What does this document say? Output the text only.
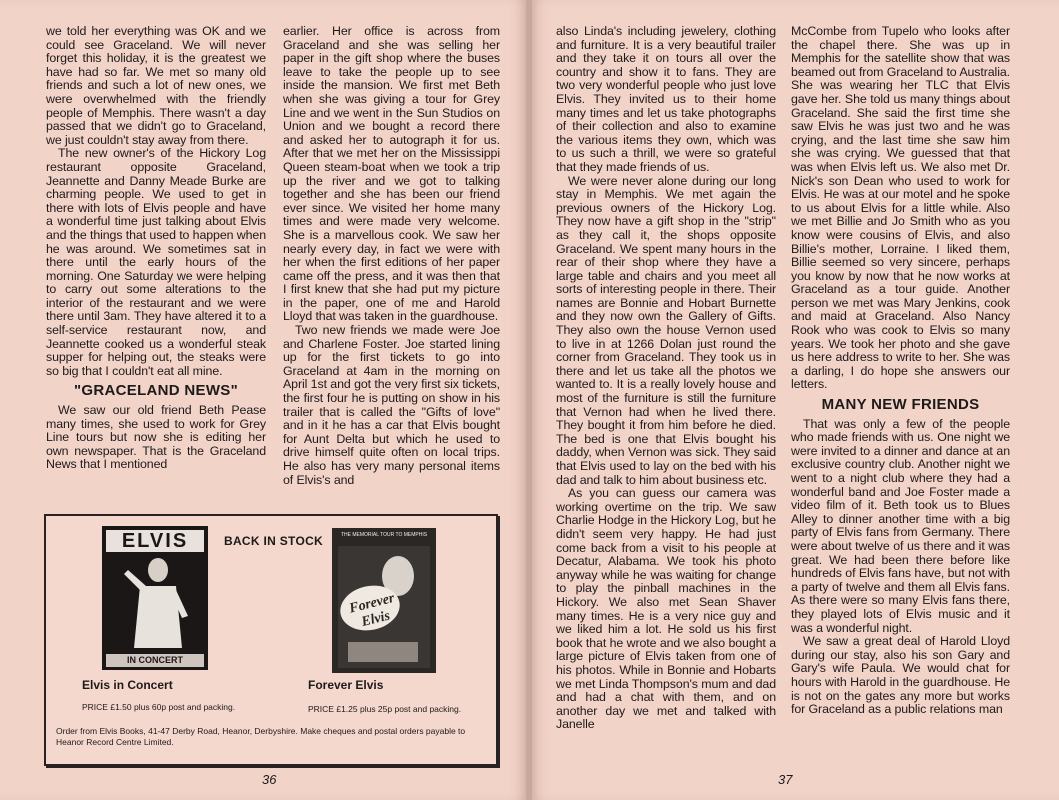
we told her everything was OK and we could see Graceland. We will never forget this holiday, it is the greatest we have had so far. We met so many old friends and such a lot of new ones, we were overwhelmed with the friendly people of Memphis. There wasn't a day passed that we didn't go to Graceland, we just couldn't stay away from there.

The new owner's of the Hickory Log restaurant opposite Graceland, Jeannette and Danny Meade Burke are charming people. We used to get in there with lots of Elvis people and have a wonderful time just talking about Elvis and the things that used to happen when he was around. We sometimes sat in there until the early hours of the morning. One Saturday we were helping to carry out some alterations to the interior of the restaurant and we were there until 3am. They have altered it to a self-service restaurant now, and Jeannette cooked us a wonderful steak supper for helping out, the steaks were so big that I couldn't eat all mine.

"GRACELAND NEWS"

We saw our old friend Beth Pease many times, she used to work for Grey Line tours but now she is editing her own newspaper. That is the Graceland News that I mentioned

earlier. Her office is across from Graceland and she was selling her paper in the gift shop where the buses leave to take the people up to see inside the mansion. We first met Beth when she was giving a tour for Grey Line and we went in the Sun Studios on Union and we bought a record there and asked her to autograph it for us. After that we met her on the Mississippi Queen steam-boat when we took a trip up the river and we got to talking together and she has been our friend ever since. We visited her home many times and were made very welcome. She is a marvellous cook. We saw her nearly every day, in fact we were with her when the first editions of her paper came off the press, and it was then that I first knew that she had put my picture in the paper, one of me and Harold Lloyd that was taken in the guardhouse.

Two new friends we made were Joe and Charlene Foster. Joe started lining up for the first tickets to go into Graceland at 4am in the morning on April 1st and got the very first six tickets, the first four he is putting on show in his trailer that is called the "Gifts of love" and in it he has a car that Elvis bought for Aunt Delta but which he used to drive himself quite often on local trips. He also has very many personal items of Elvis's and

BACK IN STOCK
ELVIS
IN CONCERT
THE MEMORIAL TOUR TO MEMPHIS
Forever Elvis
Elvis in Concert	Forever Elvis
PRICE £1.50 plus 60p post and packing.	PRICE £1.25 plus 25p post and packing.
Order from Elvis Books, 41-47 Derby Road, Heanor, Derbyshire. Make cheques and postal orders payable to Heanor Record Centre Limited.
36

also Linda's including jewelery, clothing and furniture. It is a very beautiful trailer and they take it on tours all over the country and show it to fans. They are two very wonderful people who just love Elvis. They invited us to their home many times and let us take photographs of their collection and also to examine the various items they own, which was to us such a thrill, we were so grateful that they made friends of us.

We were never alone during our long stay in Memphis. We met again the previous owners of the Hickory Log. They now have a gift shop in the "strip" as they call it, the shops opposite Graceland. We spent many hours in the rear of their shop where they have a large table and chairs and you meet all sorts of interesting people in there. Their names are Bonnie and Hobart Burnette and they now own the Gallery of Gifts. They also own the house Vernon used to live in at 1266 Dolan just round the corner from Graceland. They took us in there and let us take all the photos we wanted to. It is a really lovely house and most of the furniture is still the furniture that Vernon had when he lived there. They bought it from him before he died. The bed is one that Elvis bought his daddy, when Vernon was sick. They said that Elvis used to lay on the bed with his dad and talk to him about business etc.

As you can guess our camera was working overtime on the trip. We saw Charlie Hodge in the Hickory Log, but he didn't seem very happy. He had just come back from a visit to his people at Decatur, Alabama. We took his photo anyway while he was waiting for change to play the pinball machines in the Hickory. We also met Sean Shaver many times. He is a very nice guy and we liked him a lot. He sold us his first book that he wrote and we also bought a large picture of Elvis taken from one of his photos. While in Bonnie and Hobarts we met Linda Thompson's mum and dad and had a chat with them, and on another day we met and talked with Janelle

McCombe from Tupelo who looks after the chapel there. She was up in Memphis for the satellite show that was beamed out from Graceland to Australia. She was wearing her TLC that Elvis gave her. She told us many things about Graceland. She said the first time she saw Elvis he was just two and he was crying, and the last time she saw him she was crying. We guessed that that was when Elvis left us. We also met Dr. Nick's son Dean who used to work for Elvis. He was at our motel and he spoke to us about Elvis for a little while. Also we met Billie and Jo Smith who as you know were cousins of Elvis, and also Billie's mother, Lorraine. I liked them, Billie seemed so very sincere, perhaps you know by now that he now works at Graceland as a tour guide. Another person we met was Mary Jenkins, cook and maid at Graceland. Also Nancy Rook who was cook to Elvis so many years. We took her photo and she gave us here address to write to her. She was a darling, I do hope she answers our letters.

MANY NEW FRIENDS

That was only a few of the people who made friends with us. One night we were invited to a dinner and dance at an exclusive country club. Another night we went to a night club where they had a wonderful band and Joe Foster made a video film of it. Beth took us to Blues Alley to dinner another time with a big party of Elvis fans from Germany. There were about twelve of us there and it was great. We had been there before like hundreds of Elvis fans have, but not with a party of twelve and them all Elvis fans. As there were so many Elvis fans there, they played lots of Elvis music and it was a wonderful night.

We saw a great deal of Harold Lloyd during our stay, also his son Gary and Gary's wife Paula. We would chat for hours with Harold in the guardhouse. He is not on the gates any more but works for Graceland as a public relations man

37
